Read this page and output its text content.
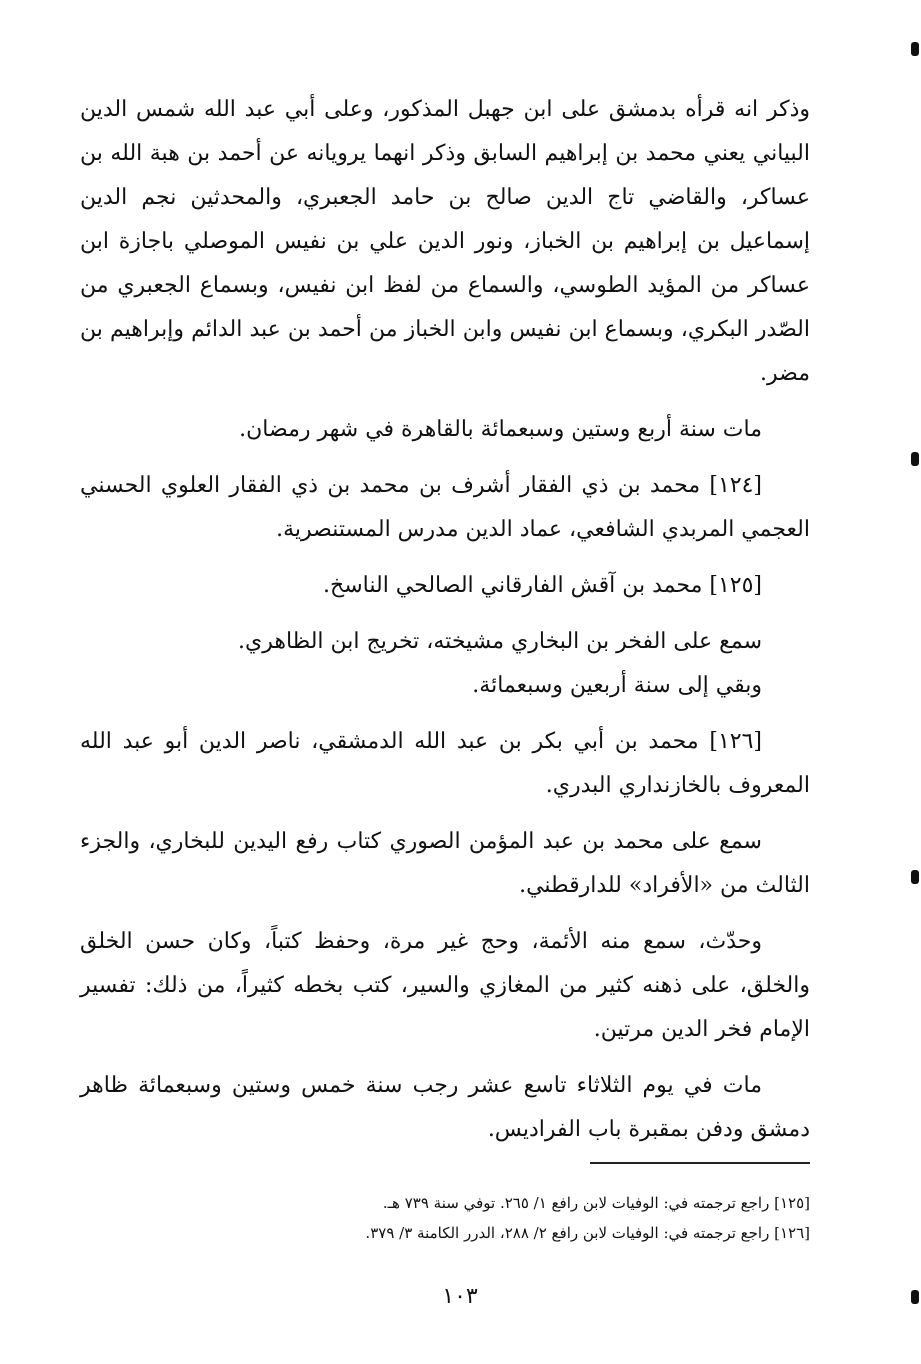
وذكر انه قرأه بدمشق على ابن جهبل المذكور، وعلى أبي عبد الله شمس الدين البياني يعني محمد بن إبراهيم السابق وذكر انهما يرويانه عن أحمد بن هبة الله بن عساكر، والقاضي تاج الدين صالح بن حامد الجعبري، والمحدثين نجم الدين إسماعيل بن إبراهيم بن الخباز، ونور الدين علي بن نفيس الموصلي باجازة ابن عساكر من المؤيد الطوسي، والسماع من لفظ ابن نفيس، وبسماع الجعبري من الصّدر البكري، وبسماع ابن نفيس وابن الخباز من أحمد بن عبد الدائم وإبراهيم بن مضر.

مات سنة أربع وستين وسبعمائة بالقاهرة في شهر رمضان.

[١٢٤] محمد بن ذي الفقار أشرف بن محمد بن ذي الفقار العلوي الحسني العجمي المربدي الشافعي، عماد الدين مدرس المستنصرية.

[١٢٥] محمد بن آقش الفارقاني الصالحي الناسخ.

سمع على الفخر بن البخاري مشيخته، تخريج ابن الظاهري.

وبقي إلى سنة أربعين وسبعمائة.

[١٢٦] محمد بن أبي بكر بن عبد الله الدمشقي، ناصر الدين أبو عبد الله المعروف بالخازنداري البدري.

سمع على محمد بن عبد المؤمن الصوري كتاب رفع اليدين للبخاري، والجزء الثالث من «الأفراد» للدارقطني.

وحدّث، سمع منه الأئمة، وحج غير مرة، وحفظ كتباً، وكان حسن الخلق والخلق، على ذهنه كثير من المغازي والسير، كتب بخطه كثيراً، من ذلك: تفسير الإمام فخر الدين مرتين.

مات في يوم الثلاثاء تاسع عشر رجب سنة خمس وستين وسبعمائة ظاهر دمشق ودفن بمقبرة باب الفراديس.

[١٢٥] راجع ترجمته في: الوفيات لابن رافع ١/ ٢٦٥. توفي سنة ٧٣٩ هـ.
[١٢٦] راجع ترجمته في: الوفيات لابن رافع ٢/ ٢٨٨، الدرر الكامنة ٣/ ٣٧٩.
١٠٣
